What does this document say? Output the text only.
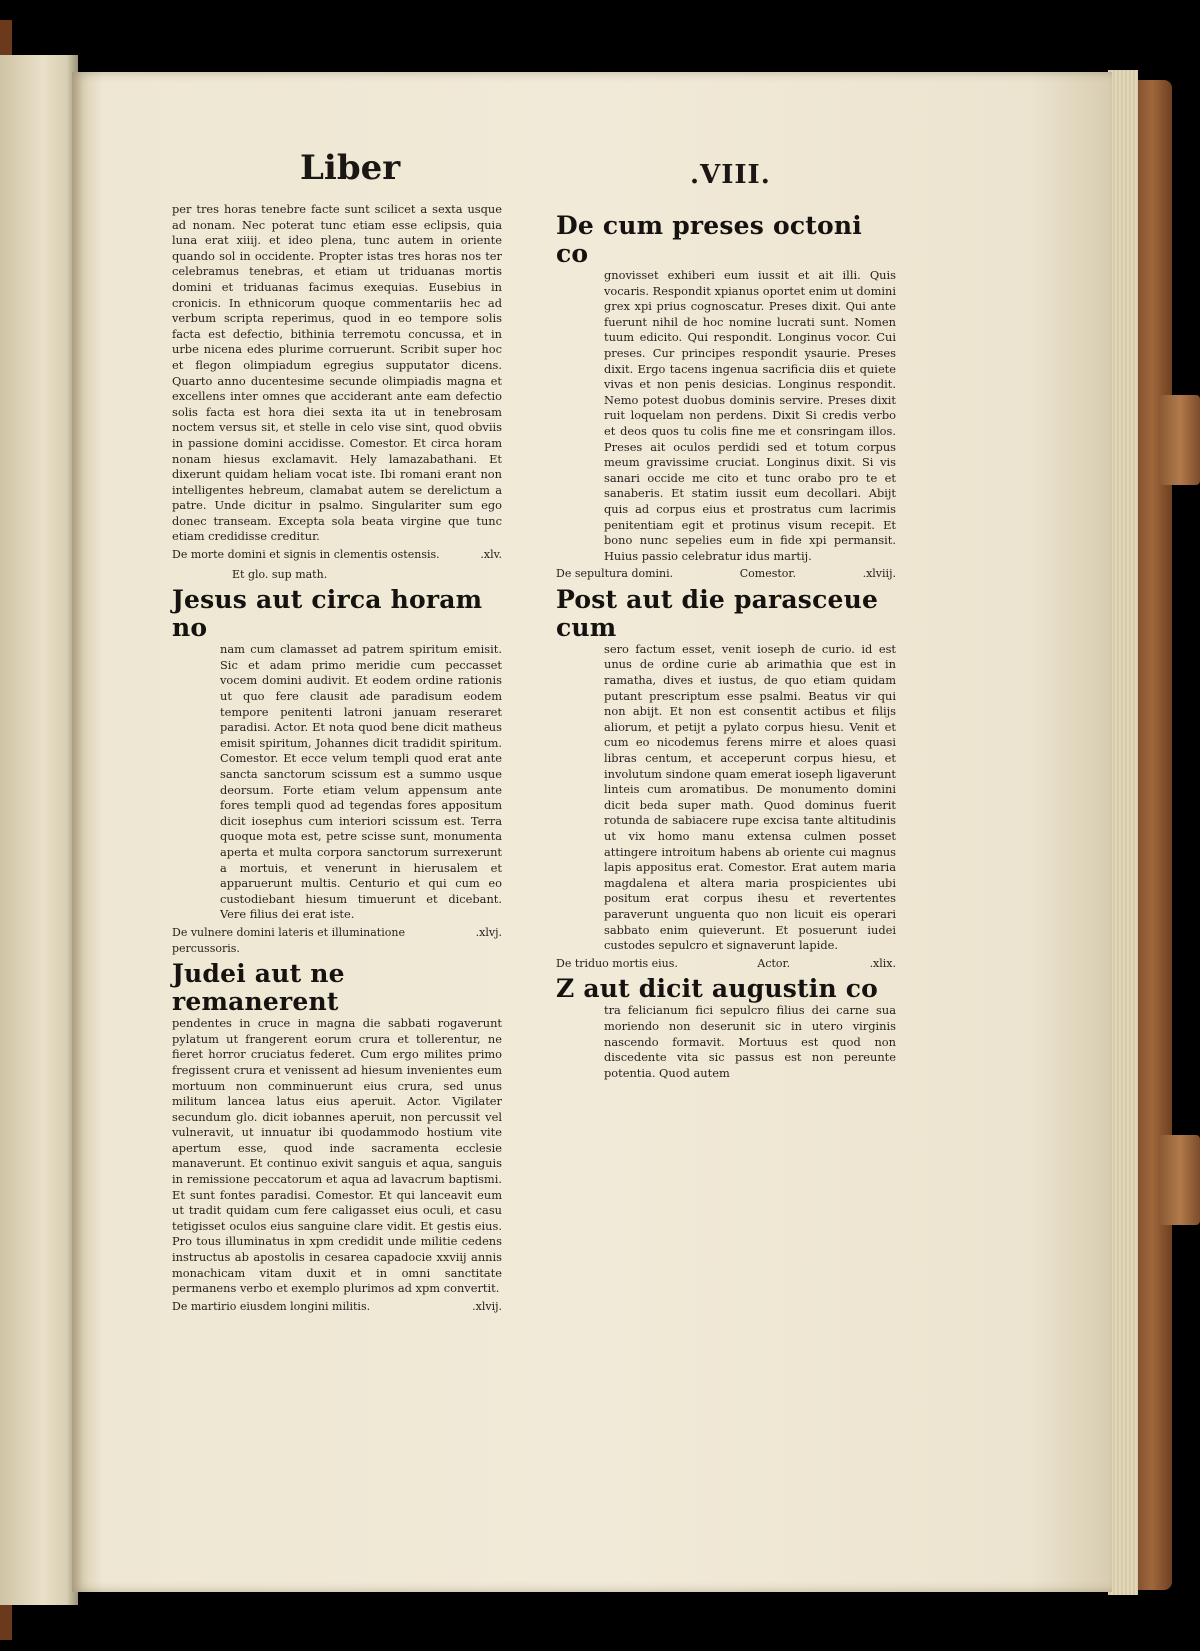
Liber	.VIII.

per tres horas tenebre facte sunt scilicet a sexta usque ad nonam. Nec poterat tunc etiam esse eclipsis, quia luna erat xiiij. et ideo plena, tunc autem in oriente quando sol in occidente. Propter istas tres horas nos ter celebramus tenebras, et etiam ut triduanas mortis domini et triduanas facimus exequias. Eusebius in cronicis. In ethnicorum quoque commentariis hec ad verbum scripta reperimus, quod in eo tempore solis facta est defectio, bithinia terremotu concussa, et in urbe nicena edes plurime corruerunt. Scribit super hoc et flegon olimpiadum egregius supputator dicens. Quarto anno ducentesime secunde olimpiadis magna et excellens inter omnes que acciderant ante eam defectio solis facta est hora diei sexta ita ut in tenebrosam noctem versus sit, et stelle in celo vise sint, quod obviis in passione domini accidisse. Comestor. Et circa horam nonam hiesus exclamavit. Hely lamazabathani. Et dixerunt quidam heliam vocat iste. Ibi romani erant non intelligentes hebreum, clamabat autem se derelictum a patre. Unde dicitur in psalmo. Singulariter sum ego donec transeam. Excepta sola beata virgine que tunc etiam credidisse creditur.

De morte domini et signis in clementis ostensis.	.xlv.
Et glo. sup math.
Jesus aut circa horam no

nam cum clamasset ad patrem spiritum emisit. Sic et adam primo meridie cum peccasset vocem domini audivit. Et eodem ordine rationis ut quo fere clausit ade paradisum eodem tempore penitenti latroni januam reseraret paradisi. Actor. Et nota quod bene dicit matheus emisit spiritum, Johannes dicit tradidit spiritum. Comestor. Et ecce velum templi quod erat ante sancta sanctorum scissum est a summo usque deorsum. Forte etiam velum appensum ante fores templi quod ad tegendas fores appositum dicit iosephus cum interiori scissum est. Terra quoque mota est, petre scisse sunt, monumenta aperta et multa corpora sanctorum surrexerunt a mortuis, et venerunt in hierusalem et apparuerunt multis. Centurio et qui cum eo custodiebant hiesum timuerunt et dicebant. Vere filius dei erat iste.

De vulnere domini lateris et illuminatione percussoris.
.xlvj.
Judei aut ne remanerent

pendentes in cruce in magna die sabbati rogaverunt pylatum ut frangerent eorum crura et tollerentur, ne fieret horror cruciatus federet. Cum ergo milites primo fregissent crura et venissent ad hiesum invenientes eum mortuum non comminuerunt eius crura, sed unus militum lancea latus eius aperuit. Actor. Vigilater secundum glo. dicit iobannes aperuit, non percussit vel vulneravit, ut innuatur ibi quodammodo hostium vite apertum esse, quod inde sacramenta ecclesie manaverunt. Et continuo exivit sanguis et aqua, sanguis in remissione peccatorum et aqua ad lavacrum baptismi. Et sunt fontes paradisi. Comestor. Et qui lanceavit eum ut tradit quidam cum fere caligasset eius oculi, et casu tetigisset oculos eius sanguine clare vidit. Et gestis eius. Pro tous illuminatus in xpm credidit unde militie cedens instructus ab apostolis in cesarea capadocie xxviij annis monachicam vitam duxit et in omni sanctitate permanens verbo et exemplo plurimos ad xpm convertit.

De martirio eiusdem longini militis.	.xlvij.
De cum preses octoni co

gnovisset exhiberi eum iussit et ait illi. Quis vocaris. Respondit xpianus oportet enim ut domini grex xpi prius cognoscatur. Preses dixit. Qui ante fuerunt nihil de hoc nomine lucrati sunt. Nomen tuum edicito. Qui respondit. Longinus vocor. Cui preses. Cur principes respondit ysaurie. Preses dixit. Ergo tacens ingenua sacrificia diis et quiete vivas et non penis desicias. Longinus respondit. Nemo potest duobus dominis servire. Preses dixit ruit loquelam non perdens. Dixit Si credis verbo et deos quos tu colis fine me et consringam illos. Preses ait oculos perdidi sed et totum corpus meum gravissime cruciat. Longinus dixit. Si vis sanari occide me cito et tunc orabo pro te et sanaberis. Et statim iussit eum decollari. Abijt quis ad corpus eius et prostratus cum lacrimis penitentiam egit et protinus visum recepit. Et bono nunc sepelies eum in fide xpi permansit. Huius passio celebratur idus martij.

De sepultura domini.	Comestor.	.xlviij.
Post aut die parasceue cum

sero factum esset, venit ioseph de curio. id est unus de ordine curie ab arimathia que est in ramatha, dives et iustus, de quo etiam quidam putant prescriptum esse psalmi. Beatus vir qui non abijt. Et non est consentit actibus et filijs aliorum, et petijt a pylato corpus hiesu. Venit et cum eo nicodemus ferens mirre et aloes quasi libras centum, et acceperunt corpus hiesu, et involutum sindone quam emerat ioseph ligaverunt linteis cum aromatibus. De monumento domini dicit beda super math. Quod dominus fuerit rotunda de sabiacere rupe excisa tante altitudinis ut vix homo manu extensa culmen posset attingere introitum habens ab oriente cui magnus lapis appositus erat. Comestor. Erat autem maria magdalena et altera maria prospicientes ubi positum erat corpus ihesu et revertentes paraverunt unguenta quo non licuit eis operari sabbato enim quieverunt. Et posuerunt iudei custodes sepulcro et signaverunt lapide.

De triduo mortis eius.	Actor.	.xlix.
Z aut dicit augustin co

tra felicianum fici sepulcro filius dei carne sua moriendo non deserunit sic in utero virginis nascendo formavit. Mortuus est quod non discedente vita sic passus est non pereunte potentia. Quod autem
